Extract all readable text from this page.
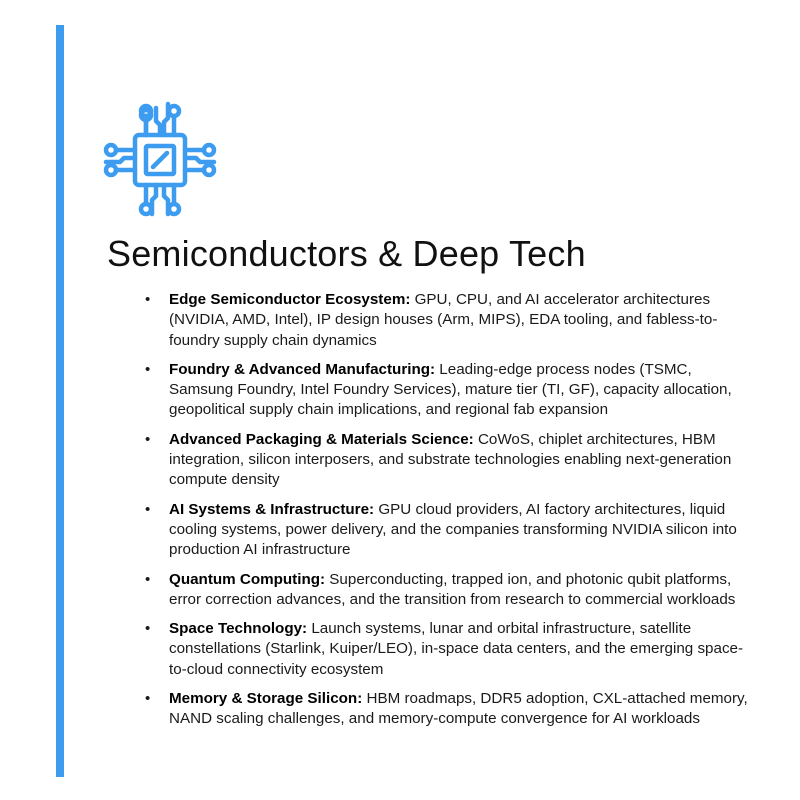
Semiconductors & Deep Tech
• Edge Semiconductor Ecosystem: GPU, CPU, and AI accelerator architectures (NVIDIA, AMD, Intel), IP design houses (Arm, MIPS), EDA tooling, and fabless-to-foundry supply chain dynamics
• Foundry & Advanced Manufacturing: Leading-edge process nodes (TSMC, Samsung Foundry, Intel Foundry Services), mature tier (TI, GF), capacity allocation, geopolitical supply chain implications, and regional fab expansion
• Advanced Packaging & Materials Science: CoWoS, chiplet architectures, HBM integration, silicon interposers, and substrate technologies enabling next-generation compute density
• AI Systems & Infrastructure: GPU cloud providers, AI factory architectures, liquid cooling systems, power delivery, and the companies transforming NVIDIA silicon into production AI infrastructure
• Quantum Computing: Superconducting, trapped ion, and photonic qubit platforms, error correction advances, and the transition from research to commercial workloads
• Space Technology: Launch systems, lunar and orbital infrastructure, satellite constellations (Starlink, Kuiper/LEO), in-space data centers, and the emerging space-to-cloud connectivity ecosystem
• Memory & Storage Silicon: HBM roadmaps, DDR5 adoption, CXL-attached memory, NAND scaling challenges, and memory-compute convergence for AI workloads
